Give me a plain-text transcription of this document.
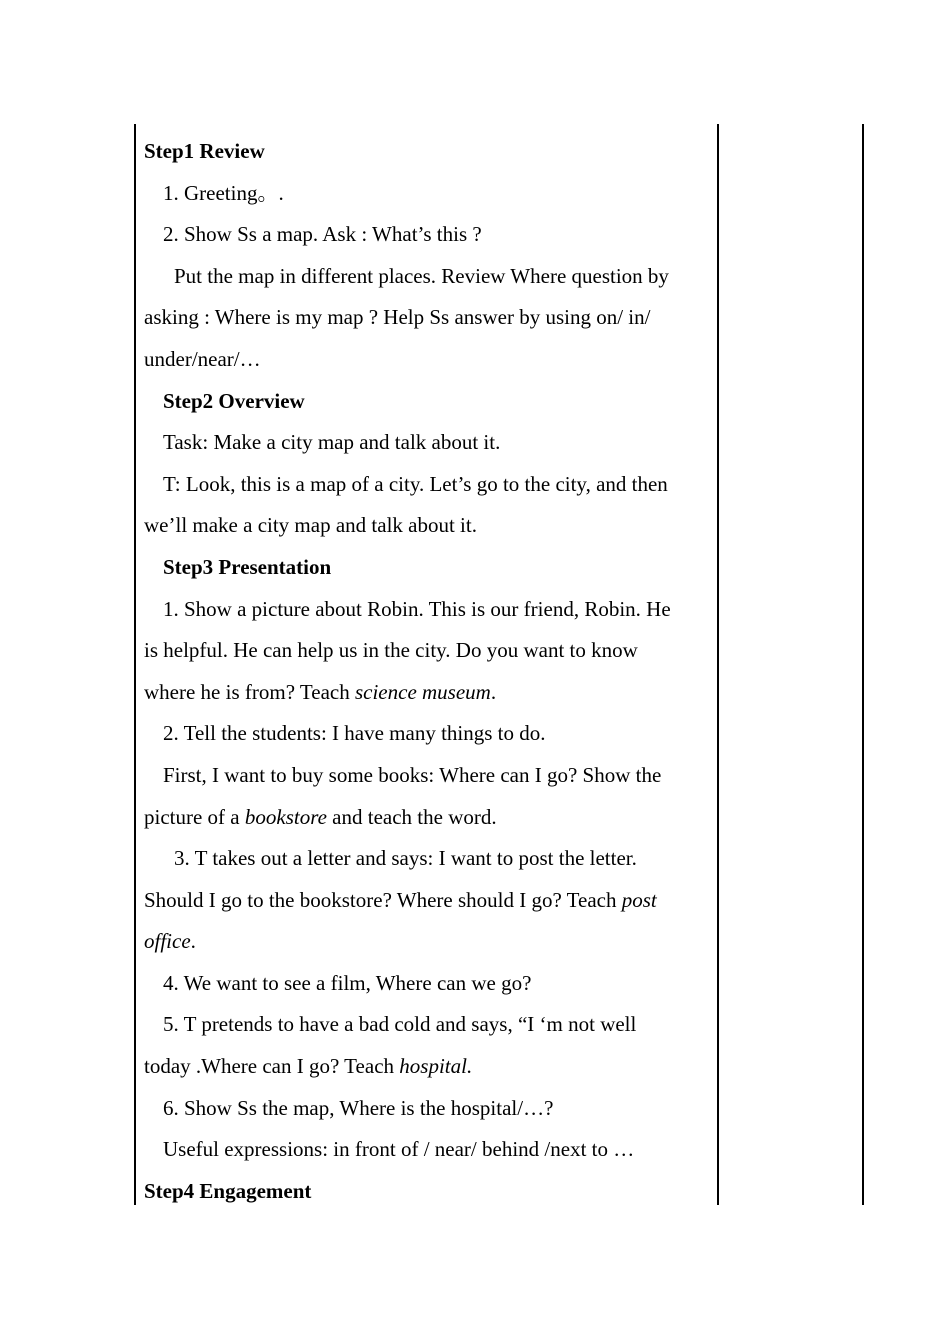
Step1 Review
1. Greeting。.
2. Show Ss a map. Ask : What’s this ?
Put the map in different places. Review Where question by
asking : Where is my map ? Help Ss answer by using on/ in/
under/near/…
Step2 Overview
Task: Make a city map and talk about it.
T: Look, this is a map of a city. Let’s go to the city, and then
we’ll make a city map and talk about it.
Step3 Presentation
1. Show a picture about Robin. This is our friend, Robin. He
is helpful. He can help us in the city. Do you want to know
where he is from? Teach science museum.
2. Tell the students: I have many things to do.
First, I want to buy some books: Where can I go? Show the
picture of a bookstore and teach the word.
3. T takes out a letter and says: I want to post the letter.
Should I go to the bookstore? Where should I go? Teach post
office.
4. We want to see a film, Where can we go?
5. T pretends to have a bad cold and says, “I ‘m not well
today .Where can I go? Teach hospital.
6. Show Ss the map, Where is the hospital/…?
Useful expressions: in front of / near/ behind /next to …
Step4 Engagement
